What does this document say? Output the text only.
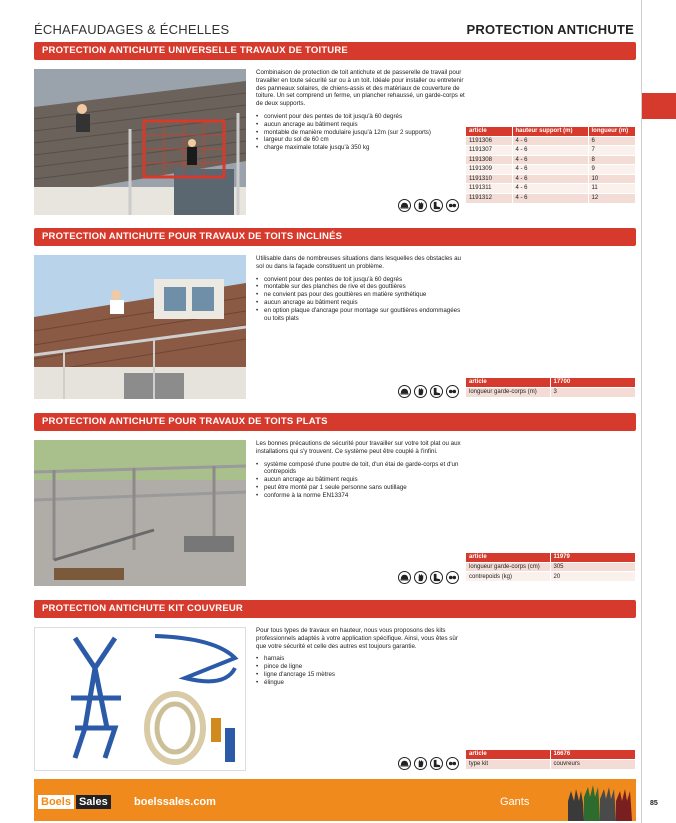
ÉCHAFAUDAGES & ÉCHELLES	PROTECTION ANTICHUTE
PROTECTION ANTICHUTE UNIVERSELLE TRAVAUX DE TOITURE

Combinaison de protection de toit antichute et de passerelle de travail pour travailler en toute sécurité sur ou à un toit. Idéale pour installer ou entretenir des panneaux solaires, de chiens-assis et des matériaux de couverture de toiture. Un set comprend un ferme, un plancher rehaussé, un garde-corps et de deux supports.

• convient pour des pentes de toit jusqu'à 60 degrés
• aucun ancrage au bâtiment requis
• montable de manière modulaire jusqu'à 12m (sur 2 supports)
• largeur du sol de 60 cm
• charge maximale totale jusqu'à 350 kg
article	hauteur support (m)	longueur (m)
1191306	4 - 6	6
1191307	4 - 6	7
1191308	4 - 6	8
1191309	4 - 6	9
1191310	4 - 6	10
1191311	4 - 6	11
1191312	4 - 6	12
PROTECTION ANTICHUTE POUR TRAVAUX DE TOITS INCLINÉS

Utilisable dans de nombreuses situations dans lesquelles des obstacles au sol ou dans la façade constituent un problème.

• convient pour des pentes de toit jusqu'à 60 degrés
• montable sur des planches de rive et des gouttières
• ne convient pas pour des gouttières en matière synthétique
• aucun ancrage au bâtiment requis
• en option plaque d'ancrage pour montage sur gouttières endommagées ou toits plats
article	17700
longueur garde-corps (m)	3
PROTECTION ANTICHUTE POUR TRAVAUX DE TOITS PLATS

Les bonnes précautions de sécurité pour travailler sur votre toit plat ou aux installations qui s'y trouvent. Ce système peut être couplé à l'infini.

• système composé d'une poutre de toit, d'un étai de garde-corps et d'un contrepoids
• aucun ancrage au bâtiment requis
• peut être monté par 1 seule personne sans outillage
• conforme à la norme EN13374
article	11979
longueur garde-corps (cm)	305
contrepoids (kg)	20
PROTECTION ANTICHUTE KIT COUVREUR

Pour tous types de travaux en hauteur, nous vous proposons des kits professionnels adaptés à votre application spécifique. Ainsi, vous êtes sûr que votre sécurité et celle des autres est toujours garantie.

• harnais
• pince de ligne
• ligne d'ancrage 15 mètres
• élingue
article	16676
type kit	couvreurs
Boels Sales boelssales.com	Gants	85
